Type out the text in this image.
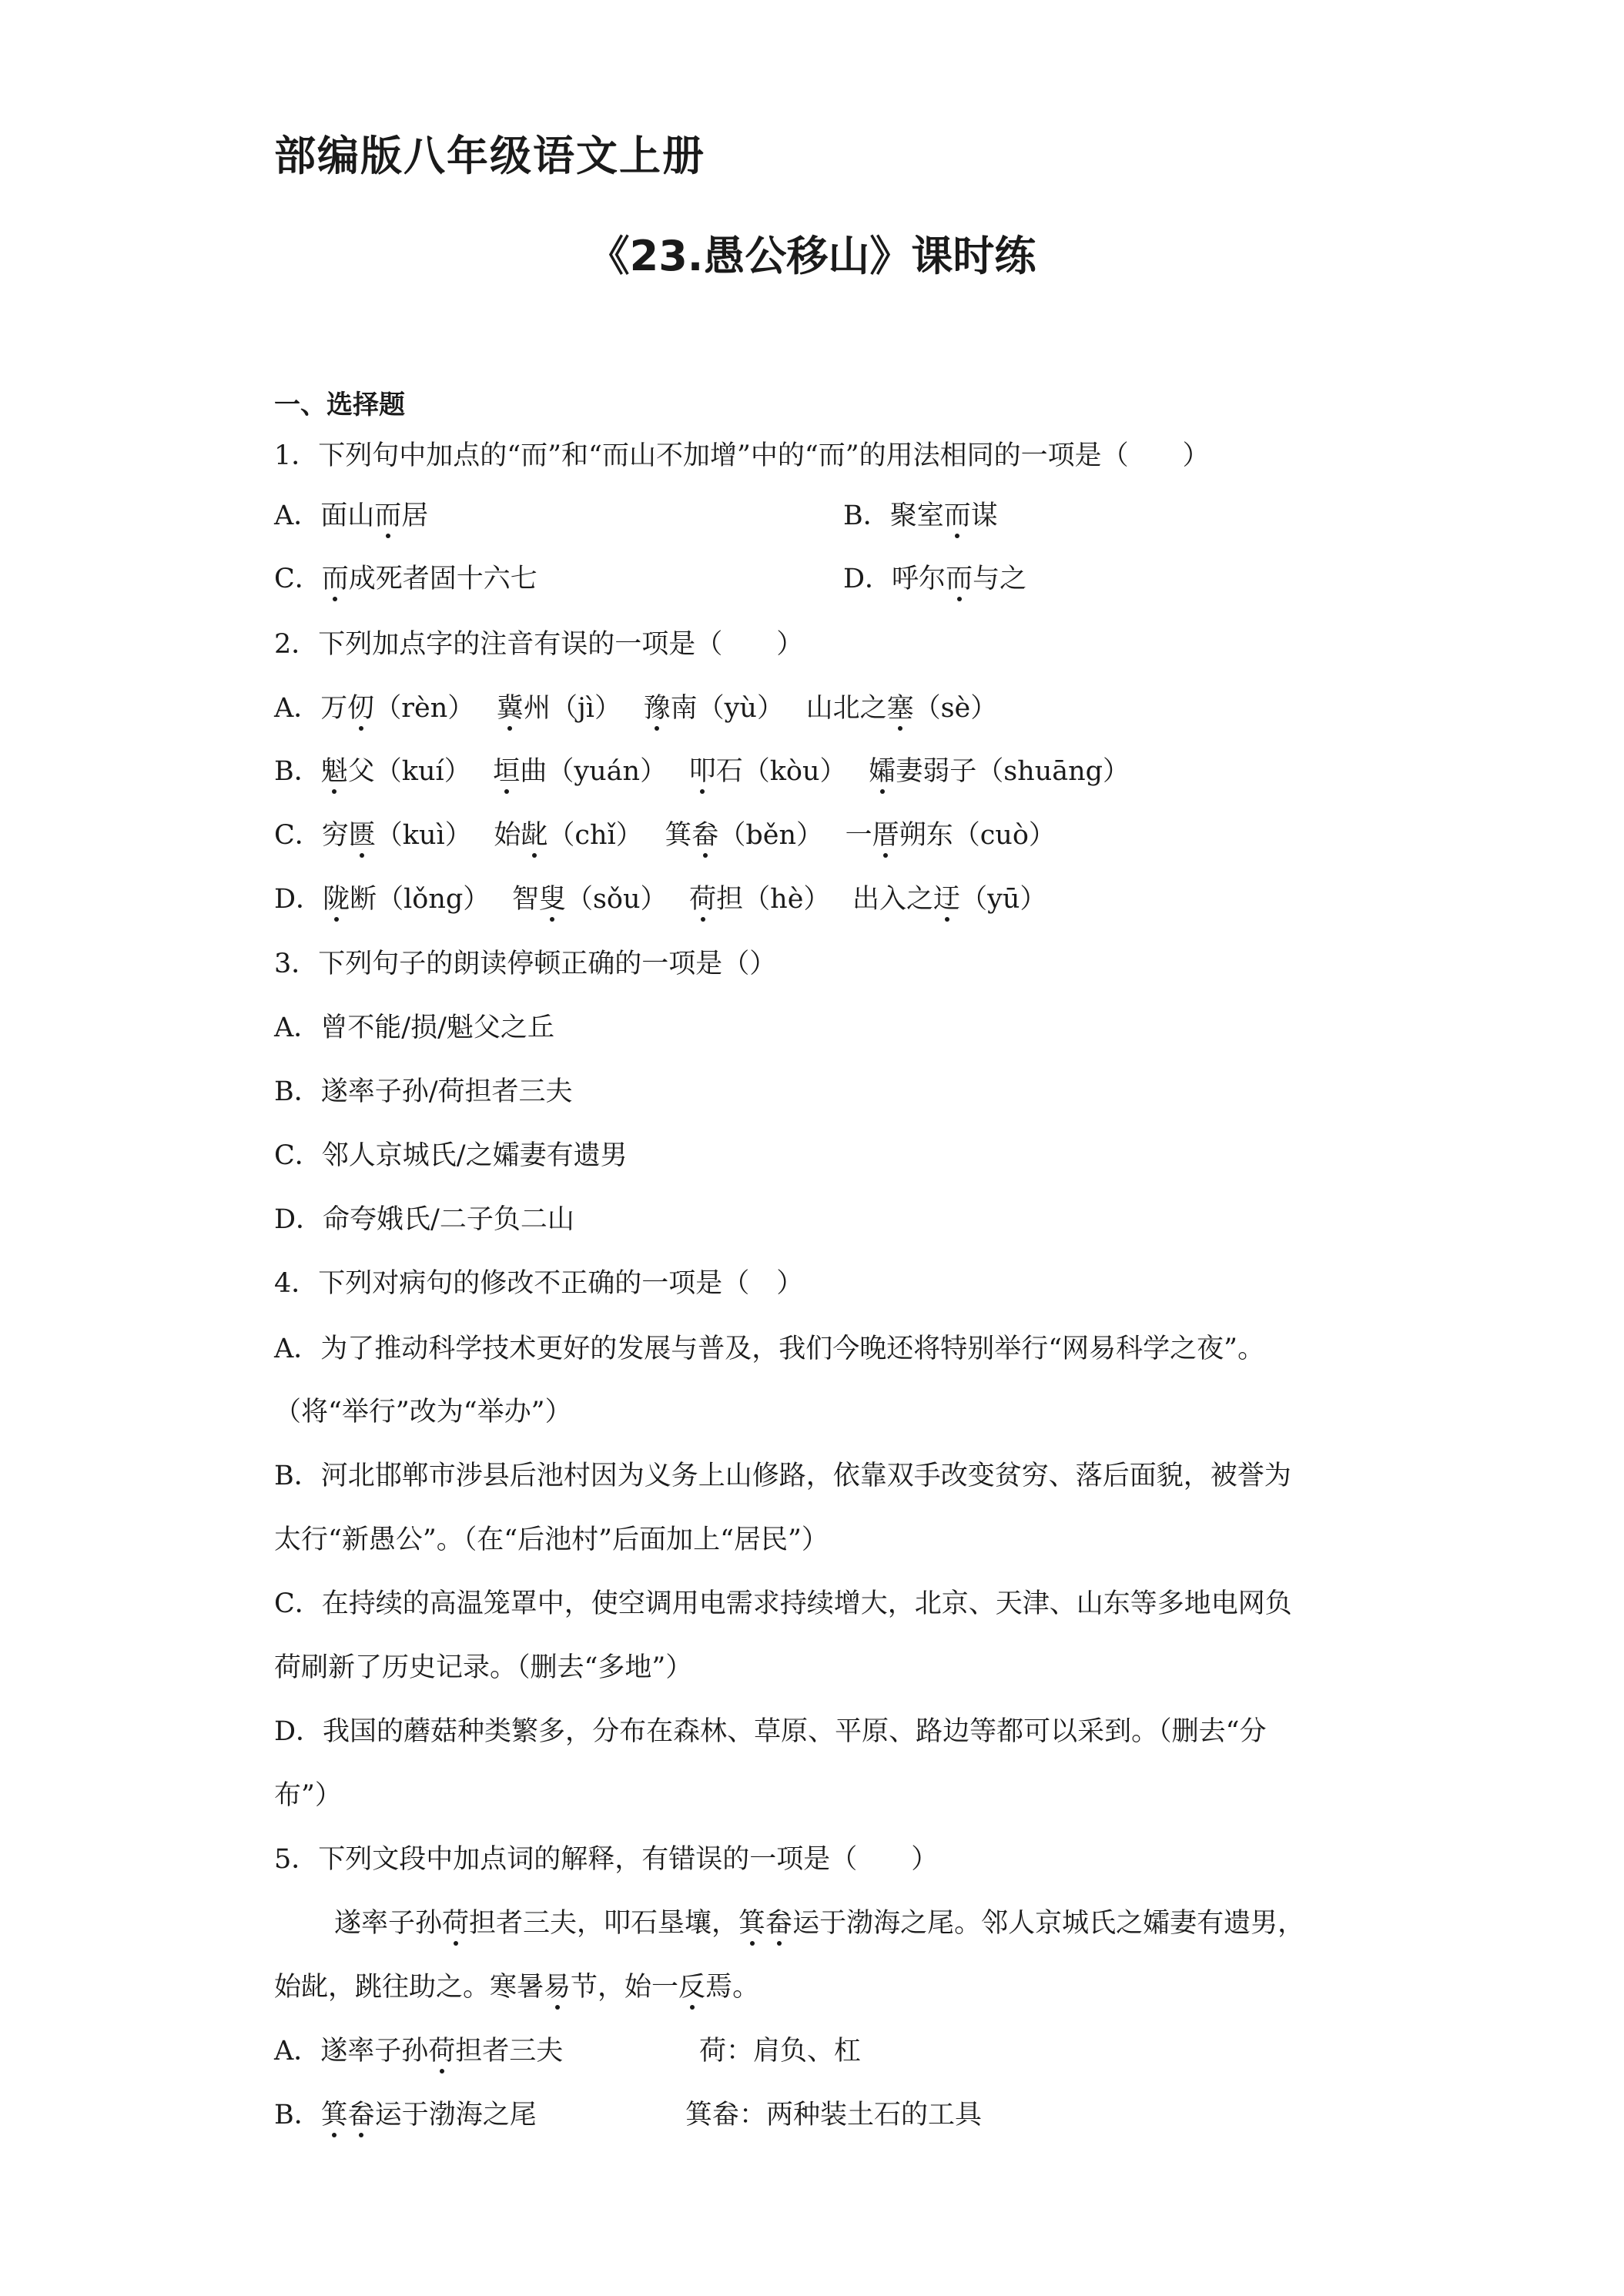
部编版八年级语文上册
《23.愚公移山》课时练
一、选择题
1．下列句中加点的“而”和“而山不加增”中的“而”的用法相同的一项是（　　）
A．面山而居	B．聚室而谋
C．而成死者固十六七	D．呼尔而与之
2．下列加点字的注音有误的一项是（　　）
A．万仞（rèn）　 冀州（jì）　 豫南（yù）　 山北之塞（sè）
B．魁父（kuí）　 垣曲（yuán）　 叩石（kòu）　 孀妻弱子（shuāng）
C．穷匮（kuì）　 始龀（chǐ）　 箕畚（běn）　 一厝朔东（cuò）
D．陇断（lǒng）　 智叟（sǒu）　 荷担（hè）　 出入之迂（yū）
3．下列句子的朗读停顿正确的一项是（）
A．曾不能/损/魁父之丘
B．遂率子孙/荷担者三夫
C．邻人京城氏/之孀妻有遗男
D．命夸娥氏/二子负二山
4．下列对病句的修改不正确的一项是（　）
A．为了推动科学技术更好的发展与普及，我们今晚还将特别举行“网易科学之夜”。
（将“举行”改为“举办”）
B．河北邯郸市涉县后池村因为义务上山修路，依靠双手改变贫穷、落后面貌，被誉为
太行“新愚公”。（在“后池村”后面加上“居民”）
C．在持续的高温笼罩中，使空调用电需求持续增大，北京、天津、山东等多地电网负
荷刷新了历史记录。（删去“多地”）
D．我国的蘑菇种类繁多，分布在森林、草原、平原、路边等都可以采到。（删去“分
布”）
5．下列文段中加点词的解释，有错误的一项是（　　）
遂率子孙荷担者三夫，叩石垦壤，箕畚运于渤海之尾。邻人京城氏之孀妻有遗男，
始龀，跳往助之。寒暑易节，始一反焉。
A．遂率子孙荷担者三夫	荷：肩负、杠
B．箕畚运于渤海之尾	箕畚：两种装土石的工具
